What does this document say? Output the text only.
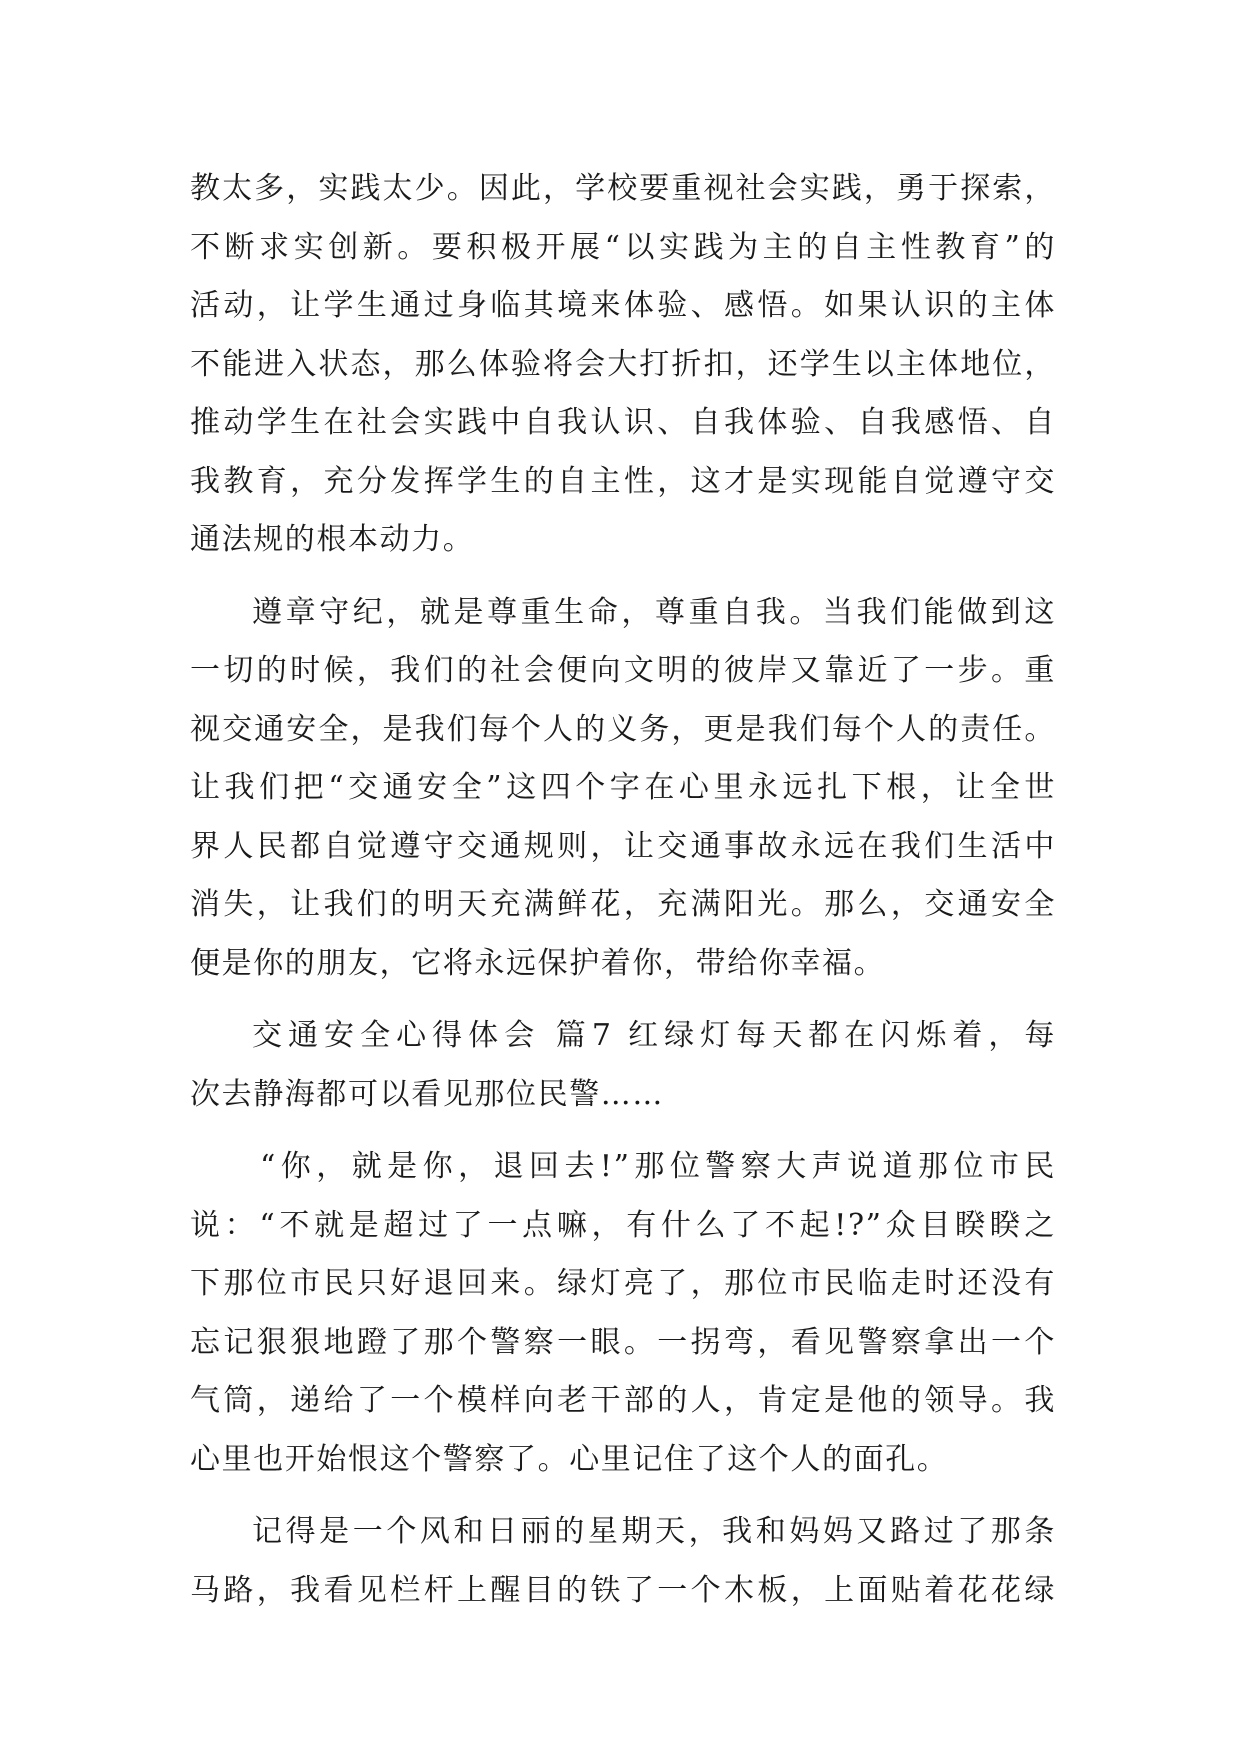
教太多，实践太少。因此，学校要重视社会实践，勇于探索，
不断求实创新。要积极开展“以实践为主的自主性教育”的
活动，让学生通过身临其境来体验、感悟。如果认识的主体
不能进入状态，那么体验将会大打折扣，还学生以主体地位，
推动学生在社会实践中自我认识、自我体验、自我感悟、自
我教育，充分发挥学生的自主性，这才是实现能自觉遵守交
通法规的根本动力。
遵章守纪，就是尊重生命，尊重自我。当我们能做到这
一切的时候，我们的社会便向文明的彼岸又靠近了一步。重
视交通安全，是我们每个人的义务，更是我们每个人的责任。
让我们把“交通安全”这四个字在心里永远扎下根，让全世
界人民都自觉遵守交通规则，让交通事故永远在我们生活中
消失，让我们的明天充满鲜花，充满阳光。那么，交通安全
便是你的朋友，它将永远保护着你，带给你幸福。
交通安全心得体会 篇7 红绿灯每天都在闪烁着，每
次去静海都可以看见那位民警……
“你，就是你，退回去!”那位警察大声说道那位市民
说：“不就是超过了一点嘛，有什么了不起!?”众目睽睽之
下那位市民只好退回来。绿灯亮了，那位市民临走时还没有
忘记狠狠地蹬了那个警察一眼。一拐弯，看见警察拿出一个
气筒，递给了一个模样向老干部的人，肯定是他的领导。我
心里也开始恨这个警察了。心里记住了这个人的面孔。
记得是一个风和日丽的星期天，我和妈妈又路过了那条
马路，我看见栏杆上醒目的铁了一个木板，上面贴着花花绿
